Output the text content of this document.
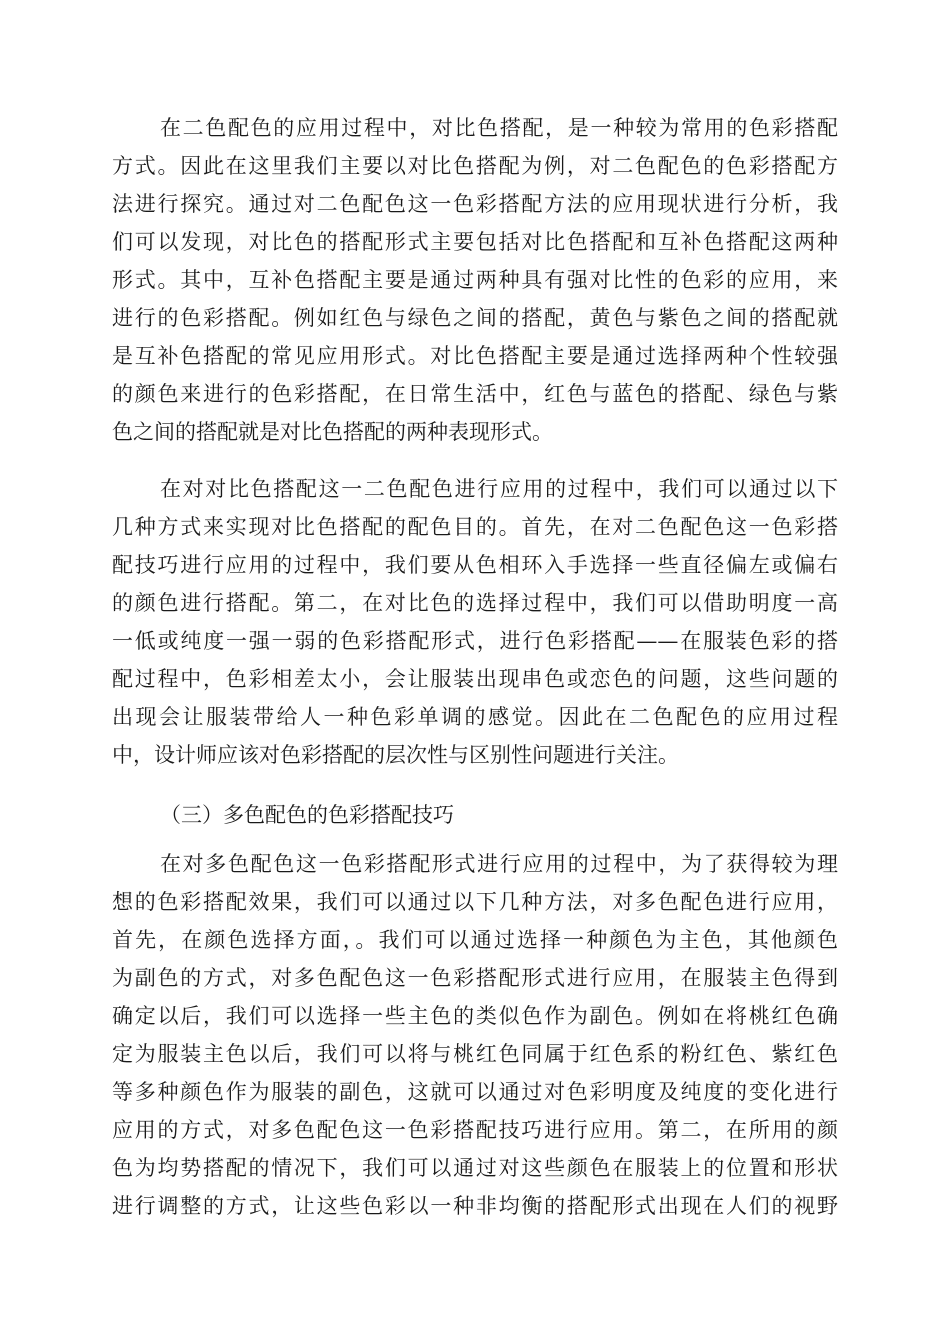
在二色配色的应用过程中，对比色搭配，是一种较为常用的色彩搭配
方式。因此在这里我们主要以对比色搭配为例，对二色配色的色彩搭配方
法进行探究。通过对二色配色这一色彩搭配方法的应用现状进行分析，我
们可以发现，对比色的搭配形式主要包括对比色搭配和互补色搭配这两种
形式。其中，互补色搭配主要是通过两种具有强对比性的色彩的应用，来
进行的色彩搭配。例如红色与绿色之间的搭配，黄色与紫色之间的搭配就
是互补色搭配的常见应用形式。对比色搭配主要是通过选择两种个性较强
的颜色来进行的色彩搭配，在日常生活中，红色与蓝色的搭配、绿色与紫
色之间的搭配就是对比色搭配的两种表现形式。
在对对比色搭配这一二色配色进行应用的过程中，我们可以通过以下
几种方式来实现对比色搭配的配色目的。首先，在对二色配色这一色彩搭
配技巧进行应用的过程中，我们要从色相环入手选择一些直径偏左或偏右
的颜色进行搭配。第二，在对比色的选择过程中，我们可以借助明度一高
一低或纯度一强一弱的色彩搭配形式，进行色彩搭配——在服装色彩的搭
配过程中，色彩相差太小，会让服装出现串色或恋色的问题，这些问题的
出现会让服装带给人一种色彩单调的感觉。因此在二色配色的应用过程
中，设计师应该对色彩搭配的层次性与区别性问题进行关注。
（三）多色配色的色彩搭配技巧
在对多色配色这一色彩搭配形式进行应用的过程中，为了获得较为理
想的色彩搭配效果，我们可以通过以下几种方法，对多色配色进行应用，
首先，在颜色选择方面，。我们可以通过选择一种颜色为主色，其他颜色
为副色的方式，对多色配色这一色彩搭配形式进行应用，在服装主色得到
确定以后，我们可以选择一些主色的类似色作为副色。例如在将桃红色确
定为服装主色以后，我们可以将与桃红色同属于红色系的粉红色、紫红色
等多种颜色作为服装的副色，这就可以通过对色彩明度及纯度的变化进行
应用的方式，对多色配色这一色彩搭配技巧进行应用。第二，在所用的颜
色为均势搭配的情况下，我们可以通过对这些颜色在服装上的位置和形状
进行调整的方式，让这些色彩以一种非均衡的搭配形式出现在人们的视野
